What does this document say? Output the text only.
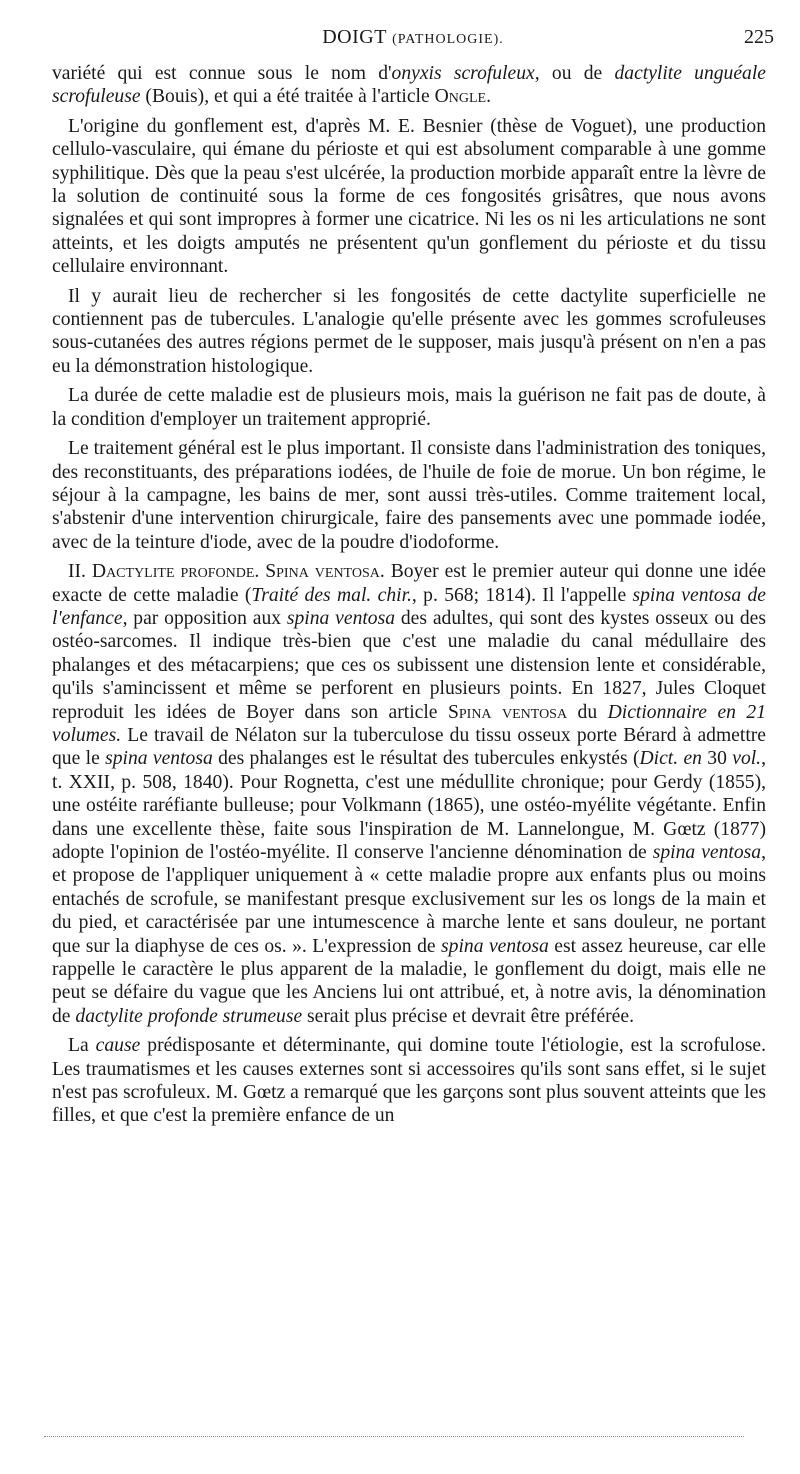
DOIGT (PATHOLOGIE).	225

variété qui est connue sous le nom d'onyxis scrofuleux, ou de dactylite unguéale scrofuleuse (Bouis), et qui a été traitée à l'article Ongle.

L'origine du gonflement est, d'après M. E. Besnier (thèse de Voguet), une production cellulo-vasculaire, qui émane du périoste et qui est absolument comparable à une gomme syphilitique. Dès que la peau s'est ulcérée, la production morbide apparaît entre la lèvre de la solution de continuité sous la forme de ces fongosités grisâtres, que nous avons signalées et qui sont impropres à former une cicatrice. Ni les os ni les articulations ne sont atteints, et les doigts amputés ne présentent qu'un gonflement du périoste et du tissu cellulaire environnant.

Il y aurait lieu de rechercher si les fongosités de cette dactylite superficielle ne contiennent pas de tubercules. L'analogie qu'elle présente avec les gommes scrofuleuses sous-cutanées des autres régions permet de le supposer, mais jusqu'à présent on n'en a pas eu la démonstration histologique.

La durée de cette maladie est de plusieurs mois, mais la guérison ne fait pas de doute, à la condition d'employer un traitement approprié.

Le traitement général est le plus important. Il consiste dans l'administration des toniques, des reconstituants, des préparations iodées, de l'huile de foie de morue. Un bon régime, le séjour à la campagne, les bains de mer, sont aussi très-utiles. Comme traitement local, s'abstenir d'une intervention chirurgicale, faire des pansements avec une pommade iodée, avec de la teinture d'iode, avec de la poudre d'iodoforme.

II. Dactylite profonde. Spina ventosa. Boyer est le premier auteur qui donne une idée exacte de cette maladie (Traité des mal. chir., p. 568; 1814). Il l'appelle spina ventosa de l'enfance, par opposition aux spina ventosa des adultes, qui sont des kystes osseux ou des ostéo-sarcomes. Il indique très-bien que c'est une maladie du canal médullaire des phalanges et des métacarpiens; que ces os subissent une distension lente et considérable, qu'ils s'amincissent et même se perforent en plusieurs points. En 1827, Jules Cloquet reproduit les idées de Boyer dans son article Spina ventosa du Dictionnaire en 21 volumes. Le travail de Nélaton sur la tuberculose du tissu osseux porte Bérard à admettre que le spina ventosa des phalanges est le résultat des tubercules enkystés (Dict. en 30 vol., t. XXII, p. 508, 1840). Pour Rognetta, c'est une médullite chronique; pour Gerdy (1855), une ostéite raréfiante bulleuse; pour Volkmann (1865), une ostéo-myélite végétante. Enfin dans une excellente thèse, faite sous l'inspiration de M. Lannelongue, M. Gœtz (1877) adopte l'opinion de l'ostéo-myélite. Il conserve l'ancienne dénomination de spina ventosa, et propose de l'appliquer uniquement à « cette maladie propre aux enfants plus ou moins entachés de scrofule, se manifestant presque exclusivement sur les os longs de la main et du pied, et caractérisée par une intumescence à marche lente et sans douleur, ne portant que sur la diaphyse de ces os. ». L'expression de spina ventosa est assez heureuse, car elle rappelle le caractère le plus apparent de la maladie, le gonflement du doigt, mais elle ne peut se défaire du vague que les Anciens lui ont attribué, et, à notre avis, la dénomination de dactylite profonde strumeuse serait plus précise et devrait être préférée.

La cause prédisposante et déterminante, qui domine toute l'étiologie, est la scrofulose. Les traumatismes et les causes externes sont si accessoires qu'ils sont sans effet, si le sujet n'est pas scrofuleux. M. Gœtz a remarqué que les garçons sont plus souvent atteints que les filles, et que c'est la première enfance de un
